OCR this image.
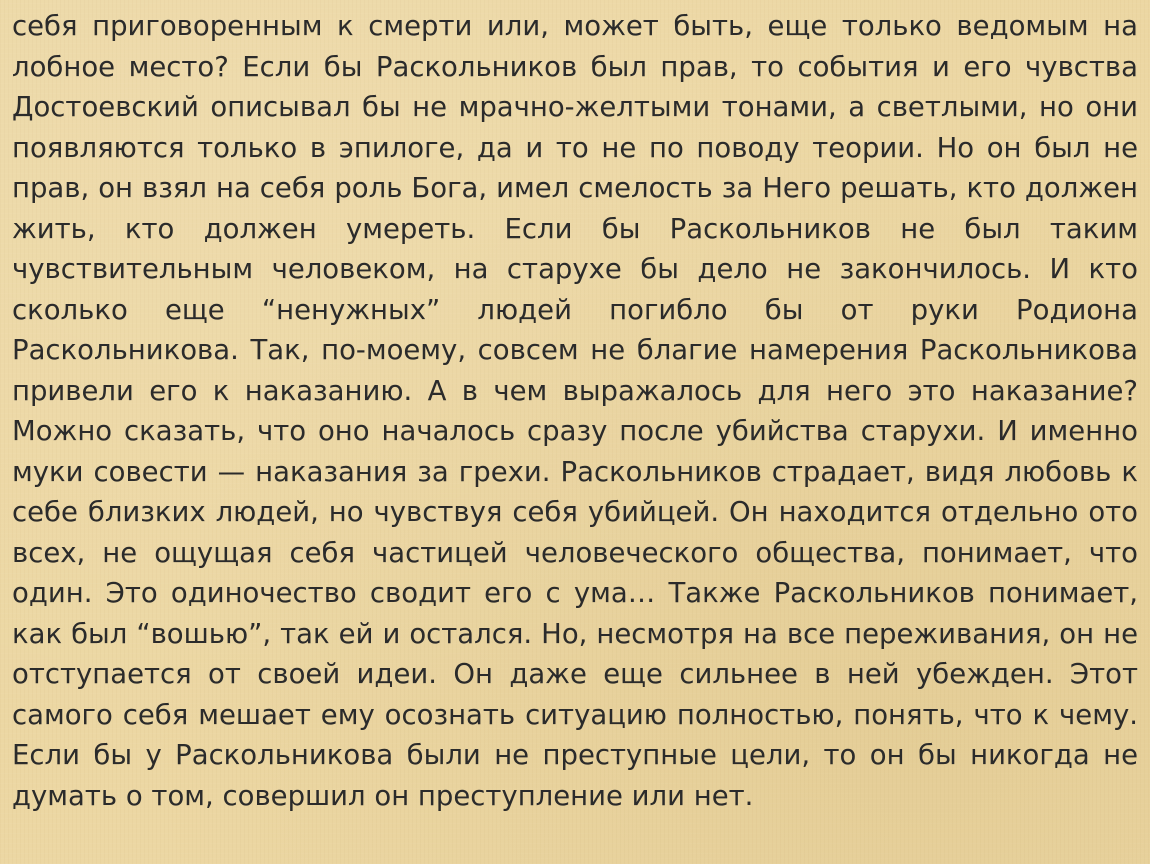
себя приговоренным к смерти или, может быть, еще только ведомым на
лобное место? Если бы Раскольников был прав, то события и его чувства
Достоевский описывал бы не мрачно-желтыми тонами, а светлыми, но они
появляются только в эпилоге, да и то не по поводу теории. Но он был не
прав, он взял на себя роль Бога, имел смелость за Него решать, кто должен
жить, кто должен умереть. Если бы Раскольников не был таким
чувствительным человеком, на старухе бы дело не закончилось. И кто
сколько еще “ненужных” людей погибло бы от руки Родиона
Раскольникова. Так, по-моему, совсем не благие намерения Раскольникова
привели его к наказанию. А в чем выражалось для него это наказание?
Можно сказать, что оно началось сразу после убийства старухи. И именно
муки совести — наказания за грехи. Раскольников страдает, видя любовь к
себе близких людей, но чувствуя себя убийцей. Он находится отдельно ото
всех, не ощущая себя частицей человеческого общества, понимает, что
один. Это одиночество сводит его с ума… Также Раскольников понимает,
как был “вошью”, так ей и остался. Но, несмотря на все переживания, он не
отступается от своей идеи. Он даже еще сильнее в ней убежден. Этот
самого себя мешает ему осознать ситуацию полностью, понять, что к чему.
Если бы у Раскольникова были не преступные цели, то он бы никогда не
думать о том, совершил он преступление или нет.
